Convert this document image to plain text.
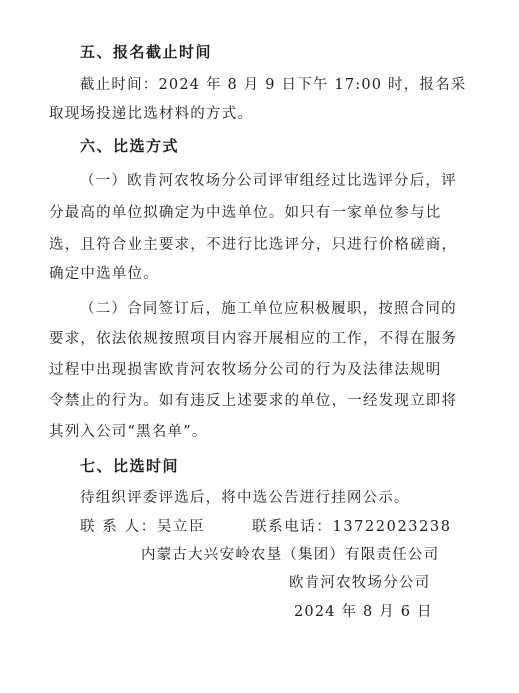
五、报名截止时间
截止时间：2024 年 8 月 9 日下午 17:00 时，报名采
取现场投递比选材料的方式。
六、比选方式
（一）欧肯河农牧场分公司评审组经过比选评分后，评
分最高的单位拟确定为中选单位。如只有一家单位参与比
选，且符合业主要求，不进行比选评分，只进行价格磋商，
确定中选单位。
（二）合同签订后，施工单位应积极履职，按照合同的
要求，依法依规按照项目内容开展相应的工作，不得在服务
过程中出现损害欧肯河农牧场分公司的行为及法律法规明
令禁止的行为。如有违反上述要求的单位，一经发现立即将
其列入公司“黑名单”。
七、比选时间
待组织评委评选后，将中选公告进行挂网公示。
联 系 人：吴立臣	联系电话：13722023238
内蒙古大兴安岭农垦（集团）有限责任公司
欧肯河农牧场分公司
2024 年 8 月 6 日
